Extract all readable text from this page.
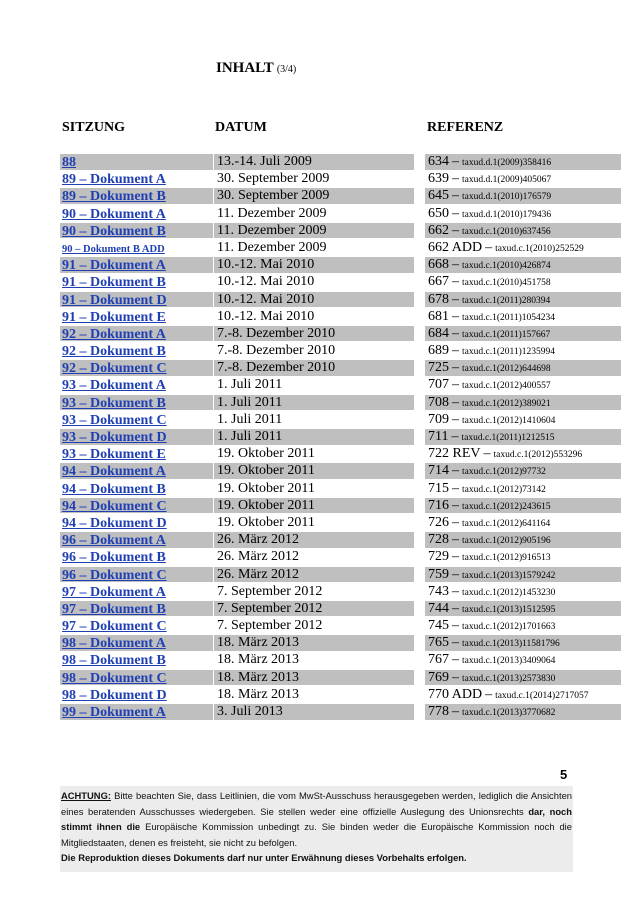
INHALT (3/4)
SITZUNG	DATUM	REFERENZ
88	13.-14. Juli 2009	634 – taxud.d.1(2009)358416
89 – Dokument A	30. September 2009	639 – taxud.d.1(2009)405067
89 – Dokument B	30. September 2009	645 – taxud.d.1(2010)176579
90 – Dokument A	11. Dezember 2009	650 – taxud.d.1(2010)179436
90 – Dokument B	11. Dezember 2009	662 – taxud.c.1(2010)637456
90 – Dokument B ADD	11. Dezember 2009	662 ADD – taxud.c.1(2010)252529
91 – Dokument A	10.-12. Mai 2010	668 – taxud.c.1(2010)426874
91 – Dokument B	10.-12. Mai 2010	667 – taxud.c.1(2010)451758
91 – Dokument D	10.-12. Mai 2010	678 – taxud.c.1(2011)280394
91 – Dokument E	10.-12. Mai 2010	681 – taxud.c.1(2011)1054234
92 – Dokument A	7.-8. Dezember 2010	684 – taxud.c.1(2011)157667
92 – Dokument B	7.-8. Dezember 2010	689 – taxud.c.1(2011)1235994
92 – Dokument C	7.-8. Dezember 2010	725 – taxud.c.1(2012)644698
93 – Dokument A	1. Juli 2011	707 – taxud.c.1(2012)400557
93 – Dokument B	1. Juli 2011	708 – taxud.c.1(2012)389021
93 – Dokument C	1. Juli 2011	709 – taxud.c.1(2012)1410604
93 – Dokument D	1. Juli 2011	711 – taxud.c.1(2011)1212515
93 – Dokument E	19. Oktober 2011	722 REV – taxud.c.1(2012)553296
94 – Dokument A	19. Oktober 2011	714 – taxud.c.1(2012)97732
94 – Dokument B	19. Oktober 2011	715 – taxud.c.1(2012)73142
94 – Dokument C	19. Oktober 2011	716 – taxud.c.1(2012)243615
94 – Dokument D	19. Oktober 2011	726 – taxud.c.1(2012)641164
96 – Dokument A	26. März 2012	728 – taxud.c.1(2012)905196
96 – Dokument B	26. März 2012	729 – taxud.c.1(2012)916513
96 – Dokument C	26. März 2012	759 – taxud.c.1(2013)1579242
97 – Dokument A	7. September 2012	743 – taxud.c.1(2012)1453230
97 – Dokument B	7. September 2012	744 – taxud.c.1(2013)1512595
97 – Dokument C	7. September 2012	745 – taxud.c.1(2012)1701663
98 – Dokument A	18. März 2013	765 – taxud.c.1(2013)11581796
98 – Dokument B	18. März 2013	767 – taxud.c.1(2013)3409064
98 – Dokument C	18. März 2013	769 – taxud.c.1(2013)2573830
98 – Dokument D	18. März 2013	770 ADD – taxud.c.1(2014)2717057
99 – Dokument A	3. Juli 2013	778 – taxud.c.1(2013)3770682
5
ACHTUNG: Bitte beachten Sie, dass Leitlinien, die vom MwSt-Ausschuss herausgegeben werden, lediglich die Ansichten eines beratenden Ausschusses wiedergeben. Sie stellen weder eine offizielle Auslegung des Unionsrechts dar, noch stimmt ihnen die Europäische Kommission unbedingt zu. Sie binden weder die Europäische Kommission noch die Mitgliedstaaten, denen es freisteht, sie nicht zu befolgen.
Die Reproduktion dieses Dokuments darf nur unter Erwähnung dieses Vorbehalts erfolgen.
